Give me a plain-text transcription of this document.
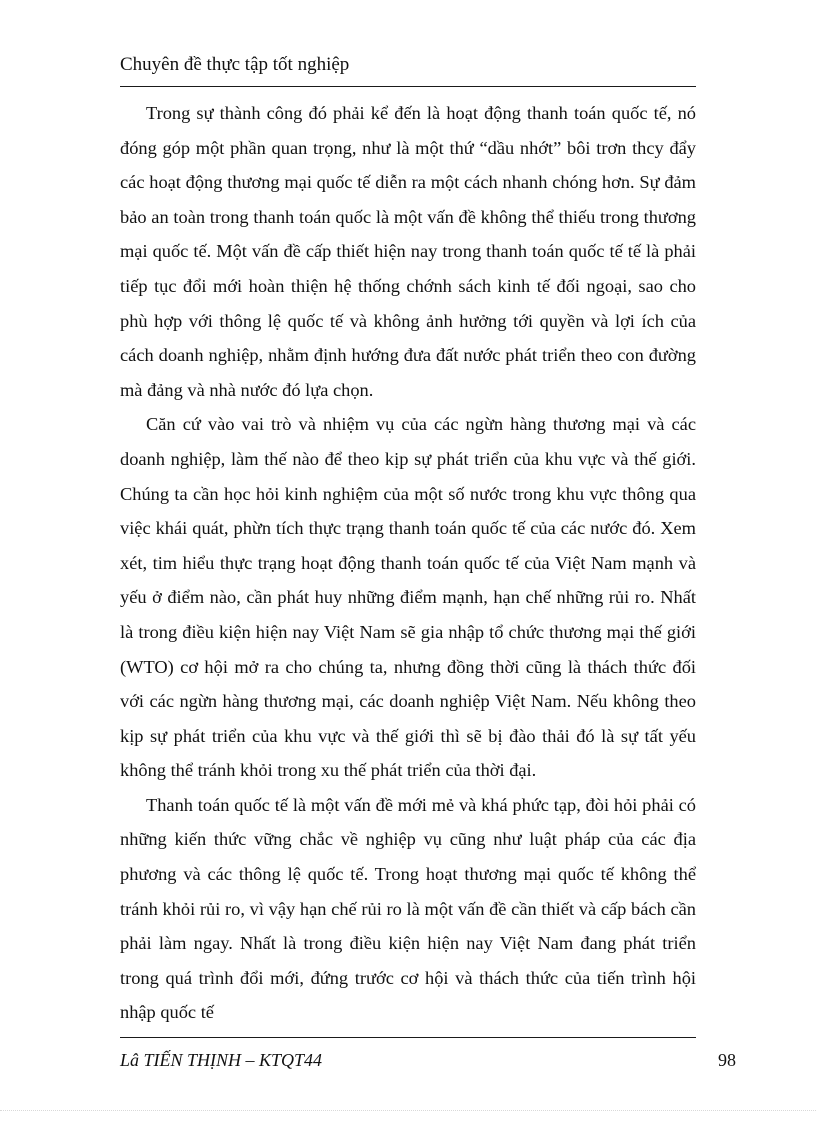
Chuyên đề thực tập tốt nghiệp

Trong sự thành công đó phải kể đến là hoạt động thanh toán quốc tế, nó đóng góp một phần quan trọng, như là một thứ “dầu nhớt” bôi trơn thcy đẩy các hoạt động thương mại quốc tế diễn ra một cách nhanh chóng hơn. Sự đảm bảo an toàn trong thanh toán quốc là một vấn đề không thể thiếu trong thương mại quốc tế. Một vấn đề cấp thiết hiện nay trong thanh toán quốc tế tế là phải tiếp tục đổi mới hoàn thiện hệ thống chớnh sách kinh tế đối ngoại, sao cho phù hợp với thông lệ quốc tế và không ảnh hưởng tới quyền và lợi ích của cách doanh nghiệp, nhằm định hướng đưa đất nước phát triển theo con đường mà đảng và nhà nước đó lựa chọn.

Căn cứ vào vai trò và nhiệm vụ của các ngừn hàng thương mại và các doanh nghiệp, làm thế nào để theo kịp sự phát triển của khu vực và thế giới. Chúng ta cần học hỏi kinh nghiệm của một số nước trong khu vực thông qua việc khái quát, phừn tích thực trạng thanh toán quốc tế của các nước đó. Xem xét, tim hiểu thực trạng hoạt động thanh toán quốc tế của Việt Nam mạnh và yếu ở điểm nào, cần phát huy những điểm mạnh, hạn chế những rủi ro. Nhất là trong điều kiện hiện nay Việt Nam sẽ gia nhập tổ chức thương mại thế giới (WTO) cơ hội mở ra cho chúng ta, nhưng đồng thời cũng là thách thức đối với các ngừn hàng thương mại, các doanh nghiệp Việt Nam. Nếu không theo kịp sự phát triển của khu vực và thế giới thì sẽ bị đào thải đó là sự tất yếu không thể tránh khỏi trong xu thế phát triển của thời đại.

Thanh toán quốc tế là một vấn đề mới mẻ và khá phức tạp, đòi hỏi phải có những kiến thức vững chắc về nghiệp vụ cũng như luật pháp của các địa phương và các thông lệ quốc tế. Trong hoạt thương mại quốc tế không thể tránh khỏi rủi ro, vì vậy hạn chế rủi ro là một vấn đề cần thiết và cấp bách cần phải làm ngay. Nhất là trong điều kiện hiện nay Việt Nam đang phát triển trong quá trình đổi mới, đứng trước cơ hội và thách thức của tiến trình hội nhập quốc tế

Lâ TIẾN THỊNH – KTQT44	98
